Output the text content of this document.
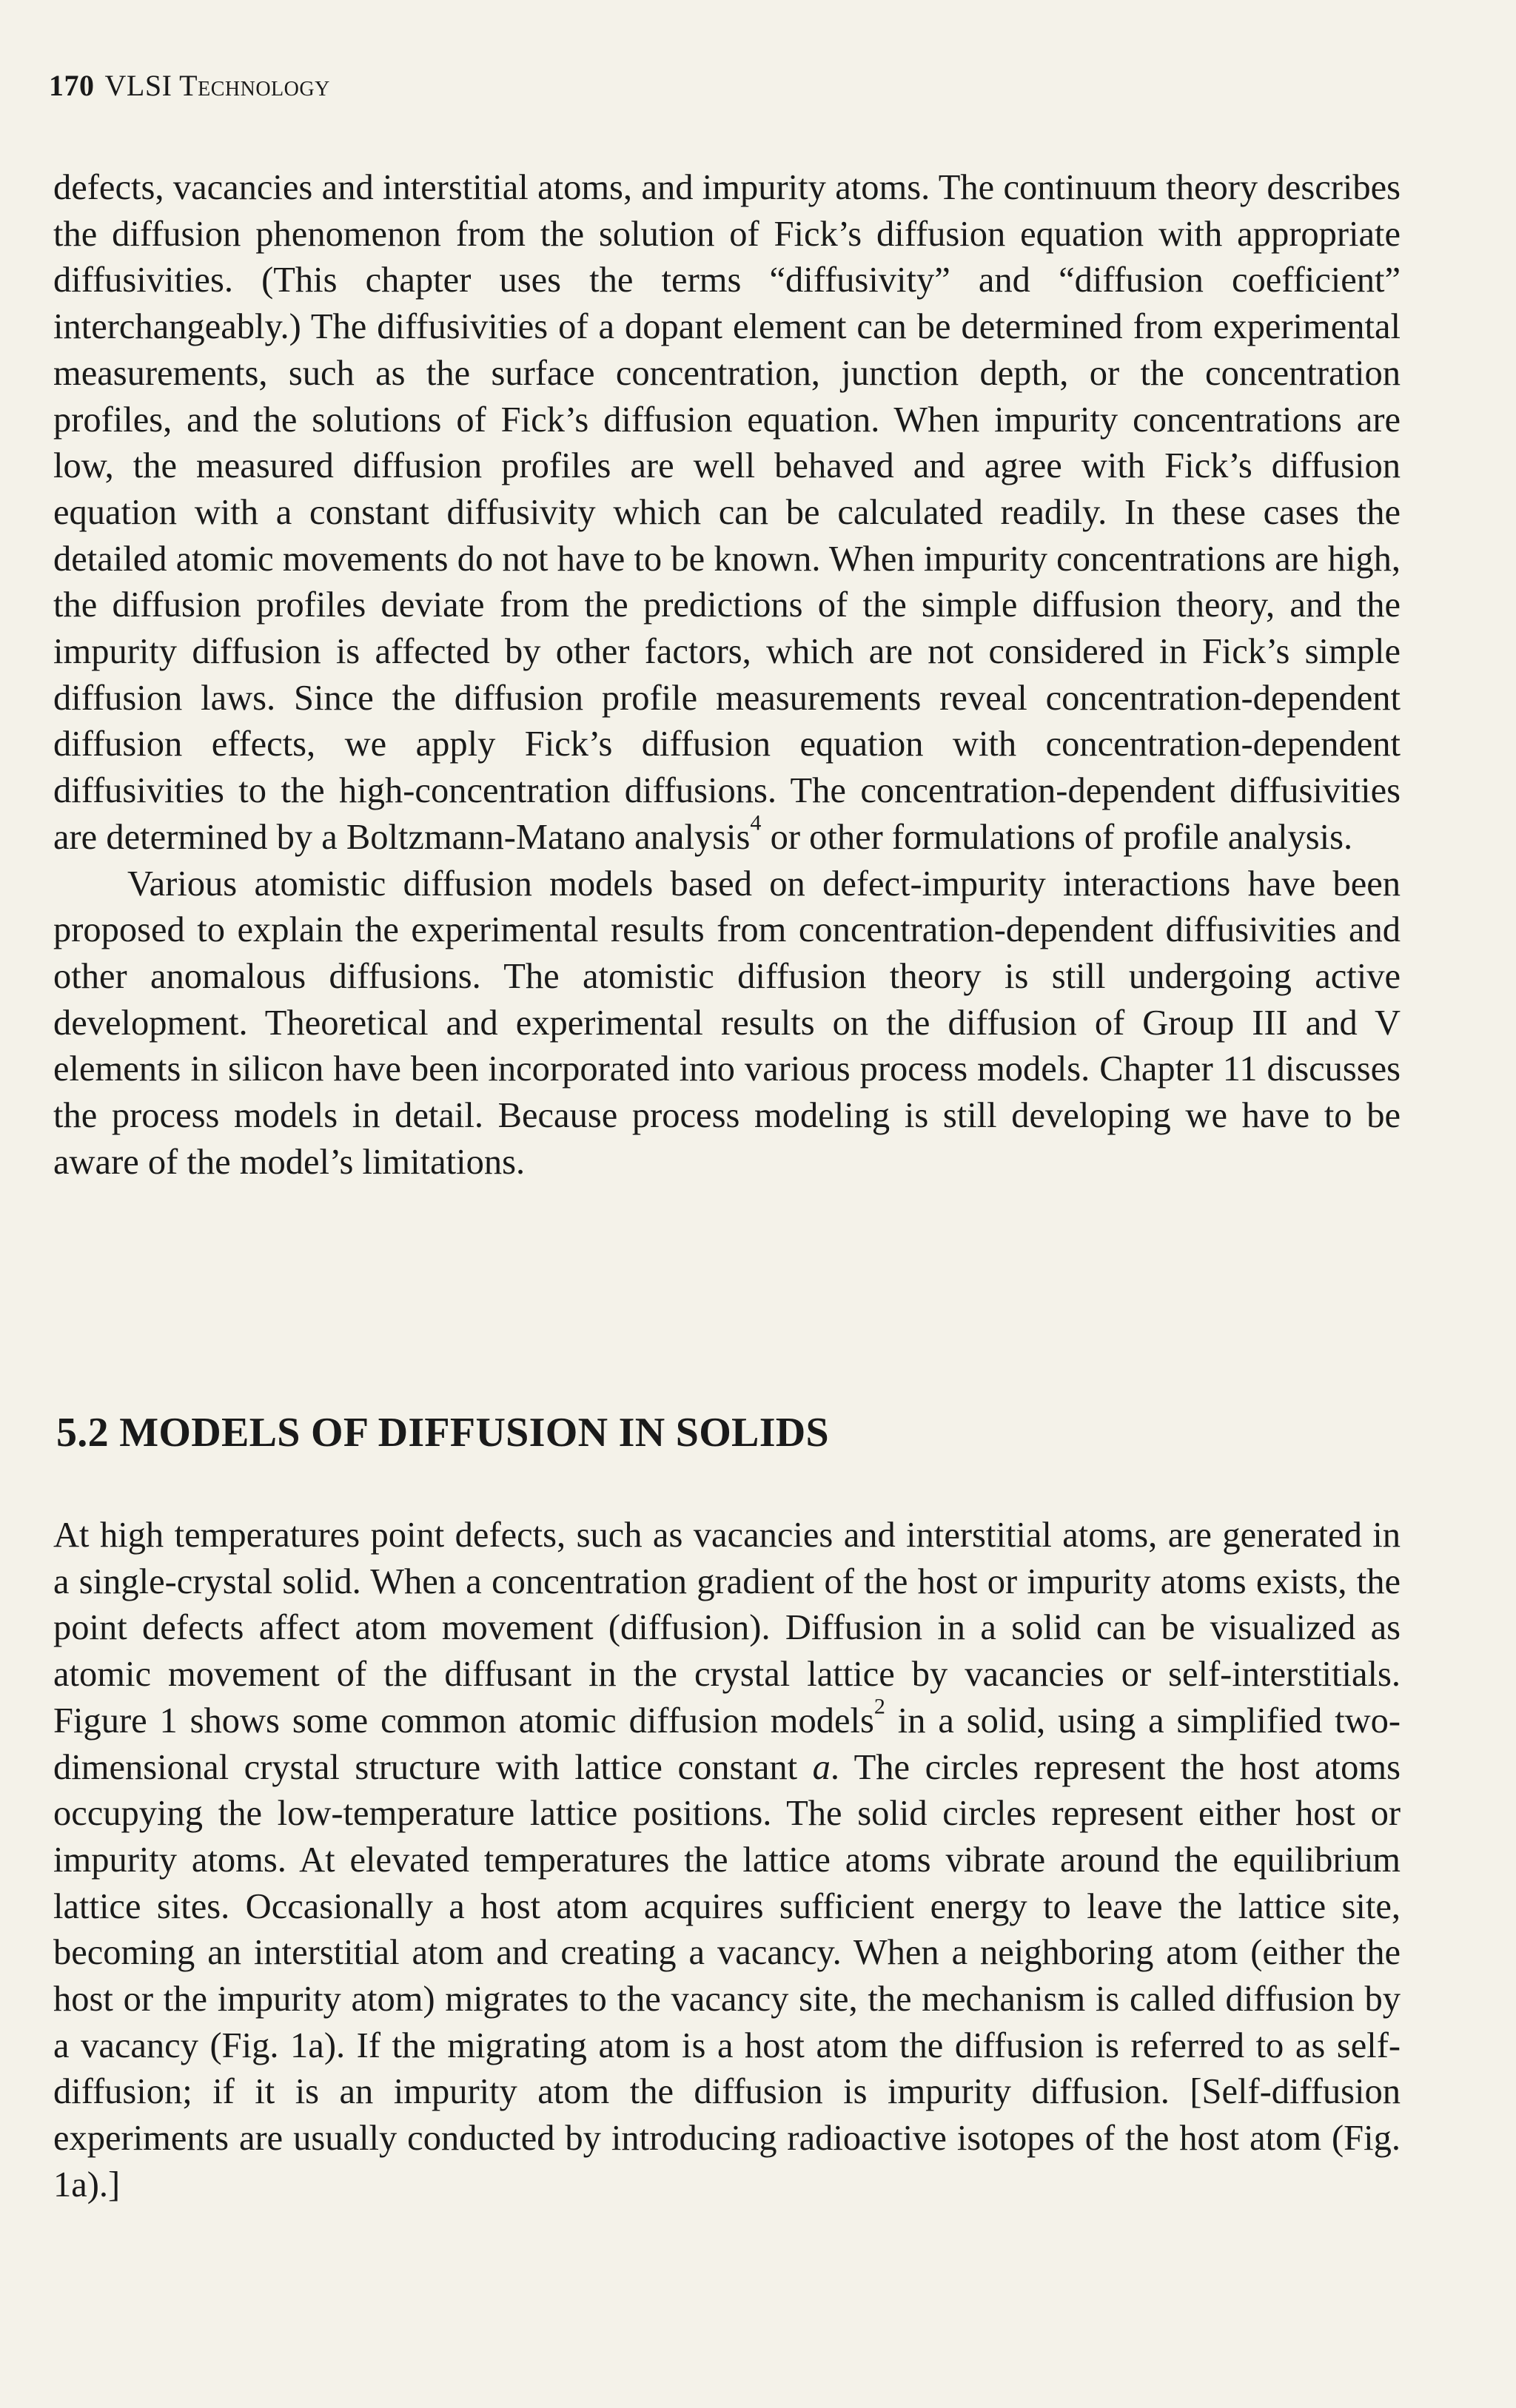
170 VLSI Technology

defects, vacancies and interstitial atoms, and impurity atoms. The continuum theory describes the diffusion phenomenon from the solution of Fick’s diffusion equation with appropriate diffusivities. (This chapter uses the terms “diffusivity” and “diffusion coefficient” interchangeably.) The diffusivities of a dopant element can be determined from experimental measurements, such as the surface concentration, junction depth, or the concentration profiles, and the solutions of Fick’s diffusion equation. When impurity concentrations are low, the measured diffusion profiles are well behaved and agree with Fick’s diffusion equation with a constant diffusivity which can be calculated readily. In these cases the detailed atomic movements do not have to be known. When impurity concentrations are high, the diffusion profiles deviate from the predictions of the simple diffusion theory, and the impurity diffusion is affected by other factors, which are not considered in Fick’s simple diffusion laws. Since the diffusion profile measurements reveal concentration-dependent diffusion effects, we apply Fick’s diffusion equation with concentration-dependent diffusivities to the high-concentration diffusions. The concentration-dependent diffusivities are determined by a Boltzmann-Matano analysis$^4$ or other formulations of profile analysis.

Various atomistic diffusion models based on defect-impurity interactions have been proposed to explain the experimental results from concentration-dependent diffusivities and other anomalous diffusions. The atomistic diffusion theory is still undergoing active development. Theoretical and experimental results on the diffusion of Group III and V elements in silicon have been incorporated into various process models. Chapter 11 discusses the process models in detail. Because process modeling is still developing we have to be aware of the model’s limitations.

5.2 MODELS OF DIFFUSION IN SOLIDS

At high temperatures point defects, such as vacancies and interstitial atoms, are generated in a single-crystal solid. When a concentration gradient of the host or impurity atoms exists, the point defects affect atom movement (diffusion). Diffusion in a solid can be visualized as atomic movement of the diffusant in the crystal lattice by vacancies or self-interstitials. Figure 1 shows some common atomic diffusion models$^2$ in a solid, using a simplified two-dimensional crystal structure with lattice constant a. The circles represent the host atoms occupying the low-temperature lattice positions. The solid circles represent either host or impurity atoms. At elevated temperatures the lattice atoms vibrate around the equilibrium lattice sites. Occasionally a host atom acquires sufficient energy to leave the lattice site, becoming an interstitial atom and creating a vacancy. When a neighboring atom (either the host or the impurity atom) migrates to the vacancy site, the mechanism is called diffusion by a vacancy (Fig. 1a). If the migrating atom is a host atom the diffusion is referred to as self-diffusion; if it is an impurity atom the diffusion is impurity diffusion. [Self-diffusion experiments are usually conducted by introducing radioactive isotopes of the host atom (Fig. 1a).]
